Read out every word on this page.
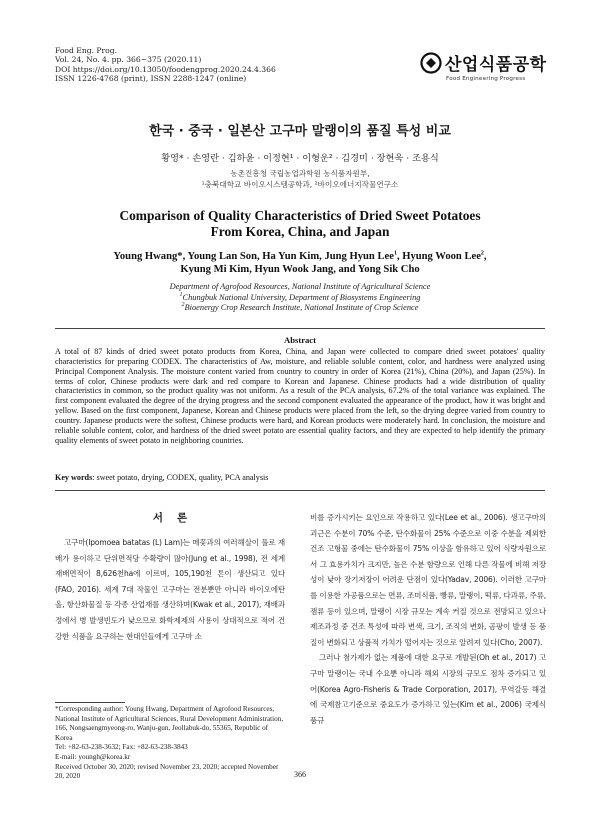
Food Eng. Prog.
Vol. 24, No. 4. pp. 366~375 (2020.11)
DOI https://doi.org/10.13050/foodengprog.2020.24.4.366
ISSN 1226-4768 (print), ISSN 2288-1247 (online)
산업식품공학
Food Engineering Progress
한국 · 중국 · 일본산 고구마 말랭이의 품질 특성 비교
황영* · 손영란 · 김하윤 · 이정현¹ · 이형운² · 김경미 · 장현욱 · 조용식
농촌진흥청 국립농업과학원 농식품자원부,
¹충북대학교 바이오시스템공학과, ²바이오에너지작물연구소
Comparison of Quality Characteristics of Dried Sweet Potatoes
From Korea, China, and Japan
Young Hwang*, Young Lan Son, Ha Yun Kim, Jung Hyun Lee$^1$, Hyung Woon Lee$^2$,
Kyung Mi Kim, Hyun Wook Jang, and Yong Sik Cho
Department of Agrofood Resources, National Institute of Agricultural Science
$^1$Chungbuk National University, Department of Biosystems Engineering
$^2$Bioenergy Crop Research Institute, National Institute of Crop Science
Abstract
A total of 87 kinds of dried sweet potato products from Korea, China, and Japan were collected to compare dried sweet potatoes' quality characteristics for preparing CODEX. The characteristics of Aw, moisture, and reliable soluble content, color, and hardness were analyzed using Principal Component Analysis. The moisture content varied from country to country in order of Korea (21%), China (20%), and Japan (25%). In terms of color, Chinese products were dark and red compare to Korean and Japanese. Chinese products had a wide distribution of quality characteristics in common, so the product quality was not uniform. As a result of the PCA analysis, 67.2% of the total variance was explained. The first component evaluated the degree of the drying progress and the second component evaluated the appearance of the product, how it was bright and yellow. Based on the first component, Japanese, Korean and Chinese products were placed from the left, so the drying degree varied from country to country. Japanese products were the softest, Chinese products were hard, and Korean products were moderately hard. In conclusion, the moisture and reliable soluble content, color, and hardness of the dried sweet potato are essential quality factors, and they are expected to help identify the primary quality elements of sweet potato in neighboring countries.
Key words: sweet potato, drying, CODEX, quality, PCA analysis
서론

고구마(Ipomoea batatas (L) Lam)는 메꽃과의 여러해살이 풀로 재배가 용이하고 단위면적당 수확량이 많아(Jung et al., 1998), 전 세계 재배면적이 8,626천ha에 이르며, 105,190천 톤이 생산되고 있다(FAO, 2016). 세계 7대 작물인 고구마는 전분뿐만 아니라 바이오에탄올, 항산화물질 등 각종 산업재를 생산하며(Kwak et al., 2017), 재배과정에서 병 발생빈도가 낮으므로 화학제제의 사용이 상대적으로 적어 건강한 식품을 요구하는 현대인들에게 고구마 소

비를 증가시키는 요인으로 작용하고 있다(Lee et al., 2006). 생고구마의 괴근은 수분이 70% 수준, 탄수화물이 25% 수준으로 이중 수분을 제외한 건조 고형물 중에는 탄수화물이 75% 이상을 함유하고 있어 식량자원으로서 그 효용가치가 크지만, 높은 수분 함량으로 인해 다른 작물에 비해 저장성이 낮아 장기저장이 어려운 단점이 있다(Yadav, 2006). 이러한 고구마를 이용한 가공품으로는 면류, 조미식품, 빵류, 말랭이, 떡류, 다과류, 주류, 잼류 등이 있으며, 말랭이 시장 규모는 계속 커질 것으로 전망되고 있으나 제조과정 중 건조 특성에 따라 변색, 크기, 조직의 변화, 곰팡이 발생 등 품질이 변화되고 상품적 가치가 떨어지는 것으로 알려져 있다(Cho, 2007).

그러나 첨가제가 없는 제품에 대한 요구로 개발된(Oh et al., 2017) 고구마 말랭이는 국내 수요뿐 아니라 해외 시장의 규모도 점차 증가되고 있어(Korea Agro-Fisheris & Trade Corporation, 2017), 무역갈등 해결에 국제참고기준으로 중요도가 증가하고 있는(Kim et al., 2006) 국제식품규

*Corresponding author: Young Hwang, Department of Agrofood Resources, National Institute of Agricultural Sciences, Rural Development Administration, 166, Nongsaengmyeong-ro, Wanju-gun, Jeollabuk-do, 55365, Republic of Korea
Tel: +82-63-238-3632; Fax: +82-63-238-3843
E-mail: youngh@korea.kr
Received October 30, 2020; revised November 23, 2020; accepted November 20, 2020	366
